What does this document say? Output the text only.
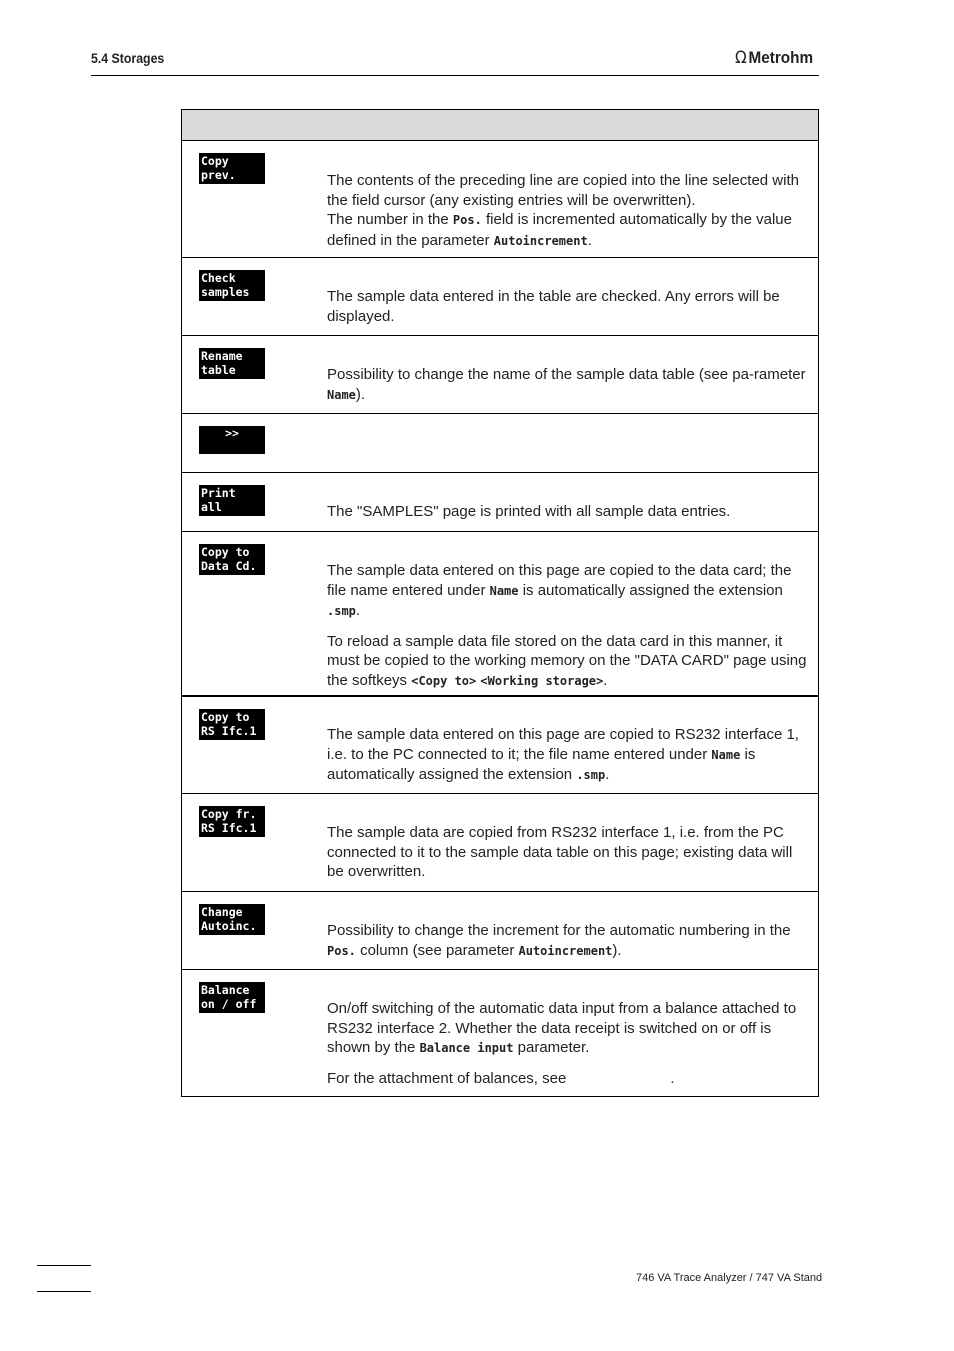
5.4 Storages	Ω Metrohm
Copy
prev.	The contents of the preceding line are copied into the line selected with the field cursor (any existing entries will be overwritten).
The number in the Pos. field is incremented automatically by the value defined in the parameter Autoincrement.
Check
samples	The sample data entered in the table are checked. Any errors will be displayed.
Rename
table	Possibility to change the name of the sample data table (see pa-rameter Name).
>>
Print
all	The "SAMPLES" page is printed with all sample data entries.
Copy to
Data Cd.	The sample data entered on this page are copied to the data card; the file name entered under Name is automatically assigned the extension .smp.

To reload a sample data file stored on the data card in this manner, it must be copied to the working memory on the "DATA CARD" page using the softkeys <Copy to> <Working storage>.

Copy to
RS Ifc.1	The sample data entered on this page are copied to RS232 interface 1, i.e. to the PC connected to it; the file name entered under Name is automatically assigned the extension .smp.
Copy fr.
RS Ifc.1	The sample data are copied from RS232 interface 1, i.e. from the PC connected to it to the sample data table on this page; existing data will be overwritten.
Change
Autoinc.	Possibility to change the increment for the automatic numbering in the Pos. column (see parameter Autoincrement).
Balance
on / off	On/off switching of the automatic data input from a balance attached to RS232 interface 2. Whether the data receipt is switched on or off is shown by the Balance input parameter.

For the attachment of balances, see	.

746 VA Trace Analyzer / 747 VA Stand
